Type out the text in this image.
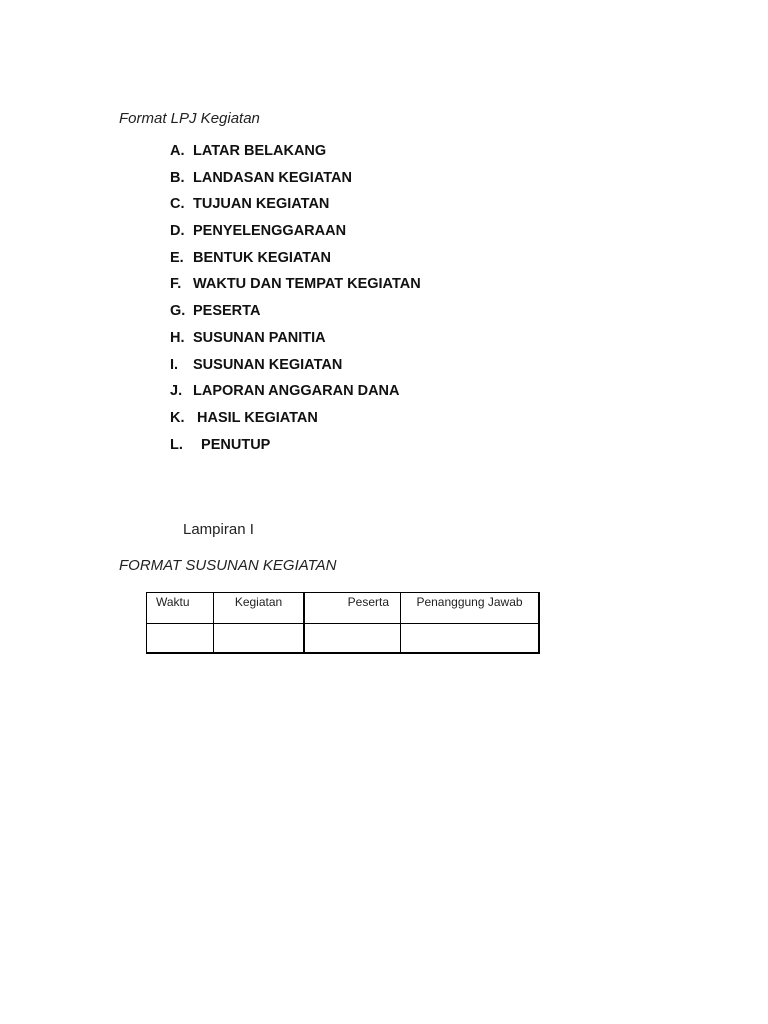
Format LPJ Kegiatan
A. LATAR BELAKANG
B. LANDASAN KEGIATAN
C. TUJUAN KEGIATAN
D. PENYELENGGARAAN
E. BENTUK KEGIATAN
F. WAKTU DAN TEMPAT KEGIATAN
G. PESERTA
H. SUSUNAN PANITIA
I.	SUSUNAN KEGIATAN
J. LAPORAN ANGGARAN DANA
K. HASIL KEGIATAN
L. PENUTUP
Lampiran I
FORMAT SUSUNAN KEGIATAN
Waktu	Kegiatan	Peserta	Penanggung Jawab
